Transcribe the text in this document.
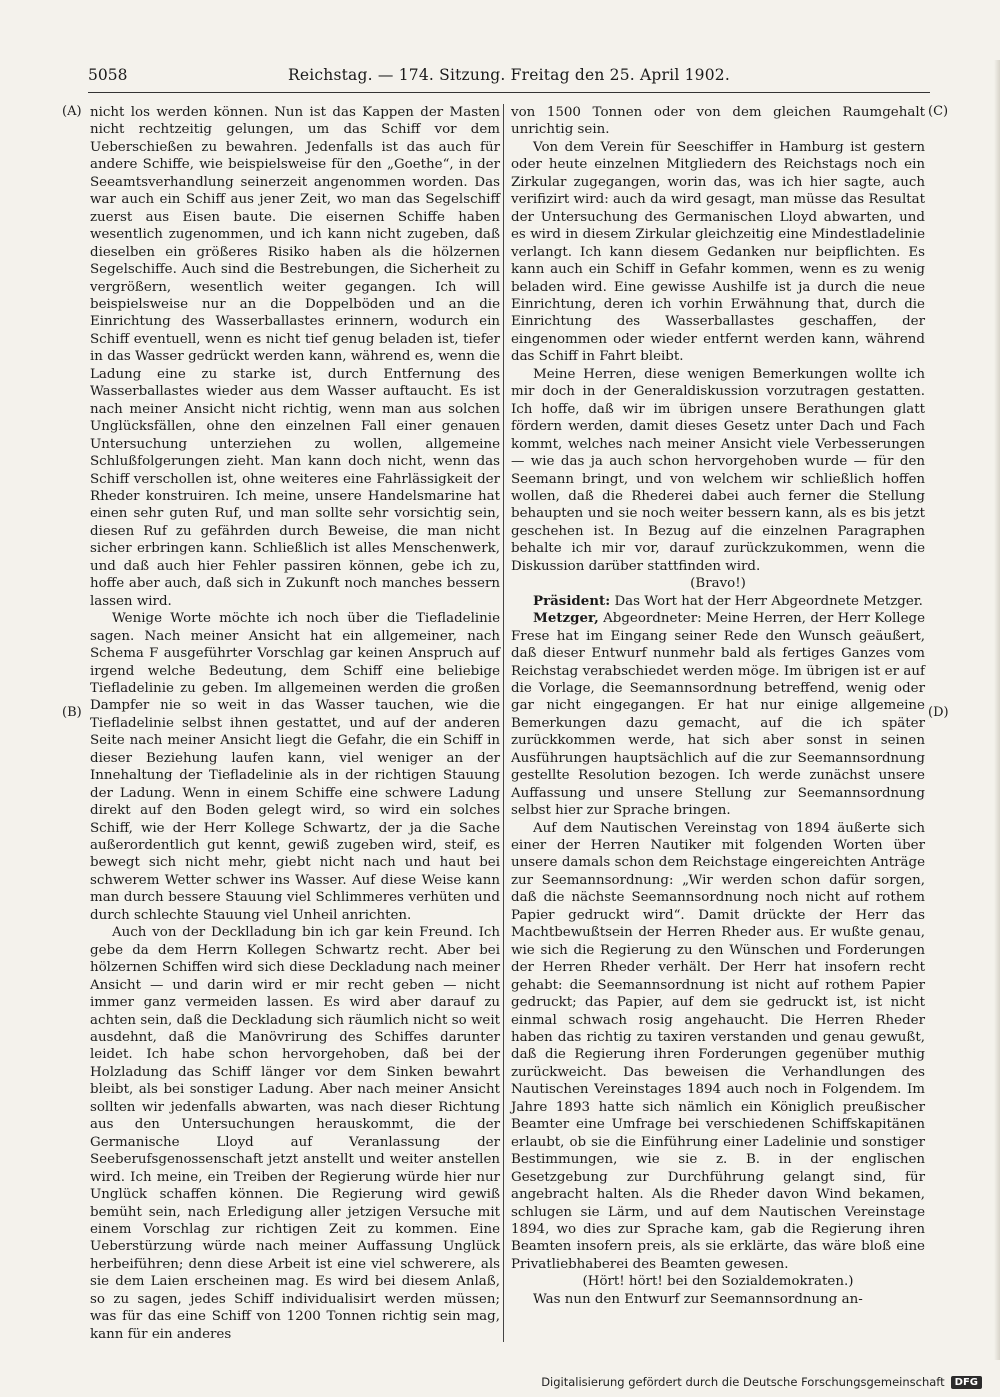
5058	Reichstag. — 174. Sitzung. Freitag den 25. April 1902.
(A)
(B)
(C)
(D)

nicht los werden können. Nun ist das Kappen der Masten nicht rechtzeitig gelungen, um das Schiff vor dem Ueberschießen zu bewahren. Jedenfalls ist das auch für andere Schiffe, wie beispielsweise für den „Goethe“, in der Seeamtsverhandlung seinerzeit angenommen worden. Das war auch ein Schiff aus jener Zeit, wo man das Segelschiff zuerst aus Eisen baute. Die eisernen Schiffe haben wesentlich zugenommen, und ich kann nicht zugeben, daß dieselben ein größeres Risiko haben als die hölzernen Segelschiffe. Auch sind die Bestrebungen, die Sicherheit zu vergrößern, wesentlich weiter gegangen. Ich will beispielsweise nur an die Doppelböden und an die Einrichtung des Wasserballastes erinnern, wodurch ein Schiff eventuell, wenn es nicht tief genug beladen ist, tiefer in das Wasser gedrückt werden kann, während es, wenn die Ladung eine zu starke ist, durch Entfernung des Wasserballastes wieder aus dem Wasser auftaucht. Es ist nach meiner Ansicht nicht richtig, wenn man aus solchen Unglücksfällen, ohne den einzelnen Fall einer genauen Untersuchung unterziehen zu wollen, allgemeine Schlußfolgerungen zieht. Man kann doch nicht, wenn das Schiff verschollen ist, ohne weiteres eine Fahrlässigkeit der Rheder konstruiren. Ich meine, unsere Handelsmarine hat einen sehr guten Ruf, und man sollte sehr vorsichtig sein, diesen Ruf zu gefährden durch Beweise, die man nicht sicher erbringen kann. Schließlich ist alles Menschenwerk, und daß auch hier Fehler passiren können, gebe ich zu, hoffe aber auch, daß sich in Zukunft noch manches bessern lassen wird.

Wenige Worte möchte ich noch über die Tiefladelinie sagen. Nach meiner Ansicht hat ein allgemeiner, nach Schema F ausgeführter Vorschlag gar keinen Anspruch auf irgend welche Bedeutung, dem Schiff eine beliebige Tiefladelinie zu geben. Im allgemeinen werden die großen Dampfer nie so weit in das Wasser tauchen, wie die Tiefladelinie selbst ihnen gestattet, und auf der anderen Seite nach meiner Ansicht liegt die Gefahr, die ein Schiff in dieser Beziehung laufen kann, viel weniger an der Innehaltung der Tiefladelinie als in der richtigen Stauung der Ladung. Wenn in einem Schiffe eine schwere Ladung direkt auf den Boden gelegt wird, so wird ein solches Schiff, wie der Herr Kollege Schwartz, der ja die Sache außerordentlich gut kennt, gewiß zugeben wird, steif, es bewegt sich nicht mehr, giebt nicht nach und haut bei schwerem Wetter schwer ins Wasser. Auf diese Weise kann man durch bessere Stauung viel Schlimmeres verhüten und durch schlechte Stauung viel Unheil anrichten.

Auch von der Decklladung bin ich gar kein Freund. Ich gebe da dem Herrn Kollegen Schwartz recht. Aber bei hölzernen Schiffen wird sich diese Deckladung nach meiner Ansicht — und darin wird er mir recht geben — nicht immer ganz vermeiden lassen. Es wird aber darauf zu achten sein, daß die Deckladung sich räumlich nicht so weit ausdehnt, daß die Manövrirung des Schiffes darunter leidet. Ich habe schon hervorgehoben, daß bei der Holzladung das Schiff länger vor dem Sinken bewahrt bleibt, als bei sonstiger Ladung. Aber nach meiner Ansicht sollten wir jedenfalls abwarten, was nach dieser Richtung aus den Untersuchungen herauskommt, die der Germanische Lloyd auf Veranlassung der Seeberufsgenossenschaft jetzt anstellt und weiter anstellen wird. Ich meine, ein Treiben der Regierung würde hier nur Unglück schaffen können. Die Regierung wird gewiß bemüht sein, nach Erledigung aller jetzigen Versuche mit einem Vorschlag zur richtigen Zeit zu kommen. Eine Ueberstürzung würde nach meiner Auffassung Unglück herbeiführen; denn diese Arbeit ist eine viel schwerere, als sie dem Laien erscheinen mag. Es wird bei diesem Anlaß, so zu sagen, jedes Schiff individualisirt werden müssen; was für das eine Schiff von 1200 Tonnen richtig sein mag, kann für ein anderes

von 1500 Tonnen oder von dem gleichen Raumgehalt unrichtig sein.

Von dem Verein für Seeschiffer in Hamburg ist gestern oder heute einzelnen Mitgliedern des Reichstags noch ein Zirkular zugegangen, worin das, was ich hier sagte, auch verifizirt wird: auch da wird gesagt, man müsse das Resultat der Untersuchung des Germanischen Lloyd abwarten, und es wird in diesem Zirkular gleichzeitig eine Mindestladelinie verlangt. Ich kann diesem Gedanken nur beipflichten. Es kann auch ein Schiff in Gefahr kommen, wenn es zu wenig beladen wird. Eine gewisse Aushilfe ist ja durch die neue Einrichtung, deren ich vorhin Erwähnung that, durch die Einrichtung des Wasserballastes geschaffen, der eingenommen oder wieder entfernt werden kann, während das Schiff in Fahrt bleibt.

Meine Herren, diese wenigen Bemerkungen wollte ich mir doch in der Generaldiskussion vorzutragen gestatten. Ich hoffe, daß wir im übrigen unsere Berathungen glatt fördern werden, damit dieses Gesetz unter Dach und Fach kommt, welches nach meiner Ansicht viele Verbesserungen — wie das ja auch schon hervorgehoben wurde — für den Seemann bringt, und von welchem wir schließlich hoffen wollen, daß die Rhederei dabei auch ferner die Stellung behaupten und sie noch weiter bessern kann, als es bis jetzt geschehen ist. In Bezug auf die einzelnen Paragraphen behalte ich mir vor, darauf zurückzukommen, wenn die Diskussion darüber stattfinden wird.

(Bravo!)

Präsident: Das Wort hat der Herr Abgeordnete Metzger.

Metzger, Abgeordneter: Meine Herren, der Herr Kollege Frese hat im Eingang seiner Rede den Wunsch geäußert, daß dieser Entwurf nunmehr bald als fertiges Ganzes vom Reichstag verabschiedet werden möge. Im übrigen ist er auf die Vorlage, die Seemannsordnung betreffend, wenig oder gar nicht eingegangen. Er hat nur einige allgemeine Bemerkungen dazu gemacht, auf die ich später zurückkommen werde, hat sich aber sonst in seinen Ausführungen hauptsächlich auf die zur Seemannsordnung gestellte Resolution bezogen. Ich werde zunächst unsere Auffassung und unsere Stellung zur Seemannsordnung selbst hier zur Sprache bringen.

Auf dem Nautischen Vereinstag von 1894 äußerte sich einer der Herren Nautiker mit folgenden Worten über unsere damals schon dem Reichstage eingereichten Anträge zur Seemannsordnung: „Wir werden schon dafür sorgen, daß die nächste Seemannsordnung noch nicht auf rothem Papier gedruckt wird“. Damit drückte der Herr das Machtbewußtsein der Herren Rheder aus. Er wußte genau, wie sich die Regierung zu den Wünschen und Forderungen der Herren Rheder verhält. Der Herr hat insofern recht gehabt: die Seemannsordnung ist nicht auf rothem Papier gedruckt; das Papier, auf dem sie gedruckt ist, ist nicht einmal schwach rosig angehaucht. Die Herren Rheder haben das richtig zu taxiren verstanden und genau gewußt, daß die Regierung ihren Forderungen gegenüber muthig zurückweicht. Das beweisen die Verhandlungen des Nautischen Vereinstages 1894 auch noch in Folgendem. Im Jahre 1893 hatte sich nämlich ein Königlich preußischer Beamter eine Umfrage bei verschiedenen Schiffskapitänen erlaubt, ob sie die Einführung einer Ladelinie und sonstiger Bestimmungen, wie sie z. B. in der englischen Gesetzgebung zur Durchführung gelangt sind, für angebracht halten. Als die Rheder davon Wind bekamen, schlugen sie Lärm, und auf dem Nautischen Vereinstage 1894, wo dies zur Sprache kam, gab die Regierung ihren Beamten insofern preis, als sie erklärte, das wäre bloß eine Privatliebhaberei des Beamten gewesen.

(Hört! hört! bei den Sozialdemokraten.)

Was nun den Entwurf zur Seemannsordnung an-

Digitalisierung gefördert durch die Deutsche Forschungsgemeinschaft	DFG
